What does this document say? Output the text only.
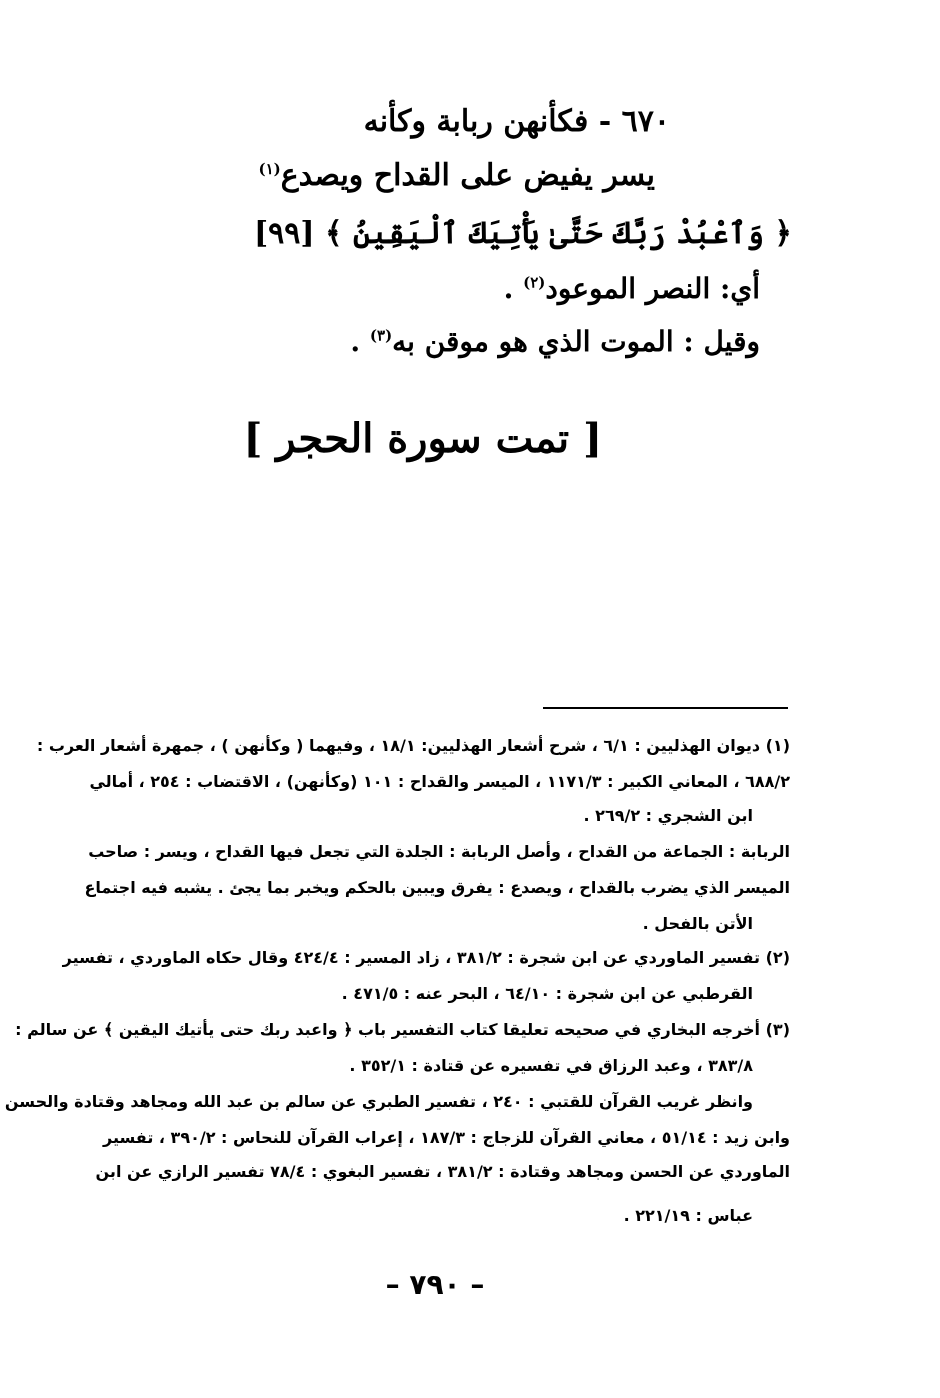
٦٧٠ - فكأنهن ربابة وكأنه
يسر يفيض على القداح ويصدع$^{(١)}$
﴿ وَٱعْبُدْ رَبَّكَ حَتَّىٰ يَأْتِيَكَ ٱلْيَقِينُ ﴾ [٩٩]
أي: النصر الموعود$^{(٢)}$ .
وقيل : الموت الذي هو موقن به$^{(٣)}$ .
[ تمت سورة الحجر ]
(١) ديوان الهذليين : ٦/١ ، شرح أشعار الهذليين: ١٨/١ ، وفيهما ( وكأنهن ) ، جمهرة أشعار العرب :
٦٨٨/٢ ، المعاني الكبير : ١١٧١/٣ ، الميسر والقداح : ١٠١ (وكأنهن) ، الاقتضاب : ٢٥٤ ، أمالي
ابن الشجري : ٢٦٩/٢ .
الربابة : الجماعة من القداح ، وأصل الربابة : الجلدة التي تجعل فيها القداح ، ويسر : صاحب
الميسر الذي يضرب بالقداح ، ويصدع : يفرق ويبين بالحكم ويخبر بما يجئ . يشبه فيه اجتماع
الأتن بالفحل .
(٢) تفسير الماوردي عن ابن شجرة : ٣٨١/٢ ، زاد المسير : ٤٢٤/٤ وقال حكاه الماوردي ، تفسير
القرطبي عن ابن شجرة : ٦٤/١٠ ، البحر عنه : ٤٧١/٥ .
(٣) أخرجه البخاري في صحيحه تعليقا كتاب التفسير باب ﴿ واعبد ربك حتى يأتيك اليقين ﴾ عن سالم :
٣٨٣/٨ ، وعبد الرزاق في تفسيره عن قتادة : ٣٥٢/١ .
وانظر غريب القرآن للقتبي : ٢٤٠ ، تفسير الطبري عن سالم بن عبد الله ومجاهد وقتادة والحسن
وابن زيد : ٥١/١٤ ، معاني القرآن للزجاج : ١٨٧/٣ ، إعراب القرآن للنحاس : ٣٩٠/٢ ، تفسير
الماوردي عن الحسن ومجاهد وقتادة : ٣٨١/٢ ، تفسير البغوي : ٧٨/٤ تفسير الرازي عن ابن
عباس : ٢٢١/١٩ .
– ٧٩٠ –
